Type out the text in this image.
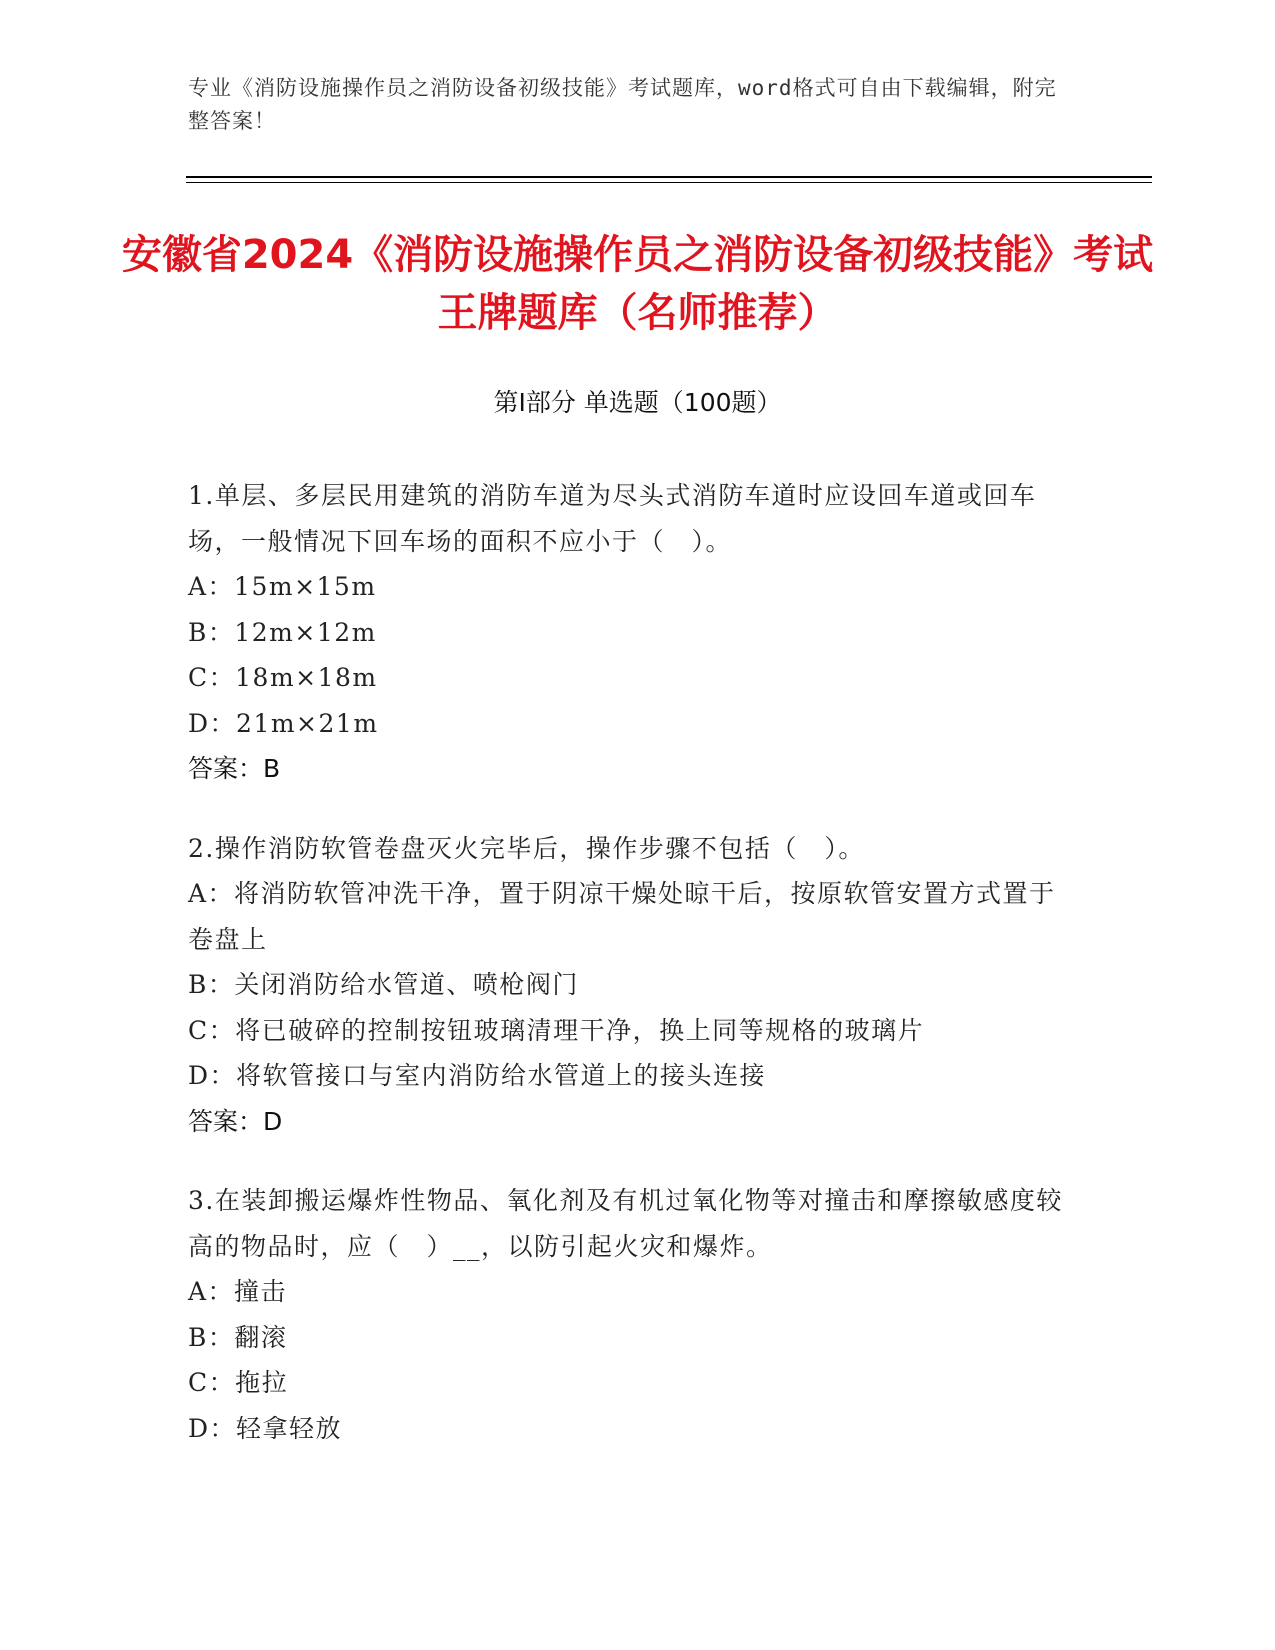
专业《消防设施操作员之消防设备初级技能》考试题库，word格式可自由下载编辑，附完整答案！
安徽省2024《消防设施操作员之消防设备初级技能》考试王牌题库（名师推荐）
第Ⅰ部分 单选题（100题）
1.单层、多层民用建筑的消防车道为尽头式消防车道时应设回车道或回车场，一般情况下回车场的面积不应小于（　）。
A：15m×15m
B：12m×12m
C：18m×18m
D：21m×21m
答案：B
2.操作消防软管卷盘灭火完毕后，操作步骤不包括（　）。
A：将消防软管冲洗干净，置于阴凉干燥处晾干后，按原软管安置方式置于卷盘上
B：关闭消防给水管道、喷枪阀门
C：将已破碎的控制按钮玻璃清理干净，换上同等规格的玻璃片
D：将软管接口与室内消防给水管道上的接头连接
答案：D
3.在装卸搬运爆炸性物品、氧化剂及有机过氧化物等对撞击和摩擦敏感度较高的物品时，应（　）__，以防引起火灾和爆炸。
A：撞击
B：翻滚
C：拖拉
D：轻拿轻放
